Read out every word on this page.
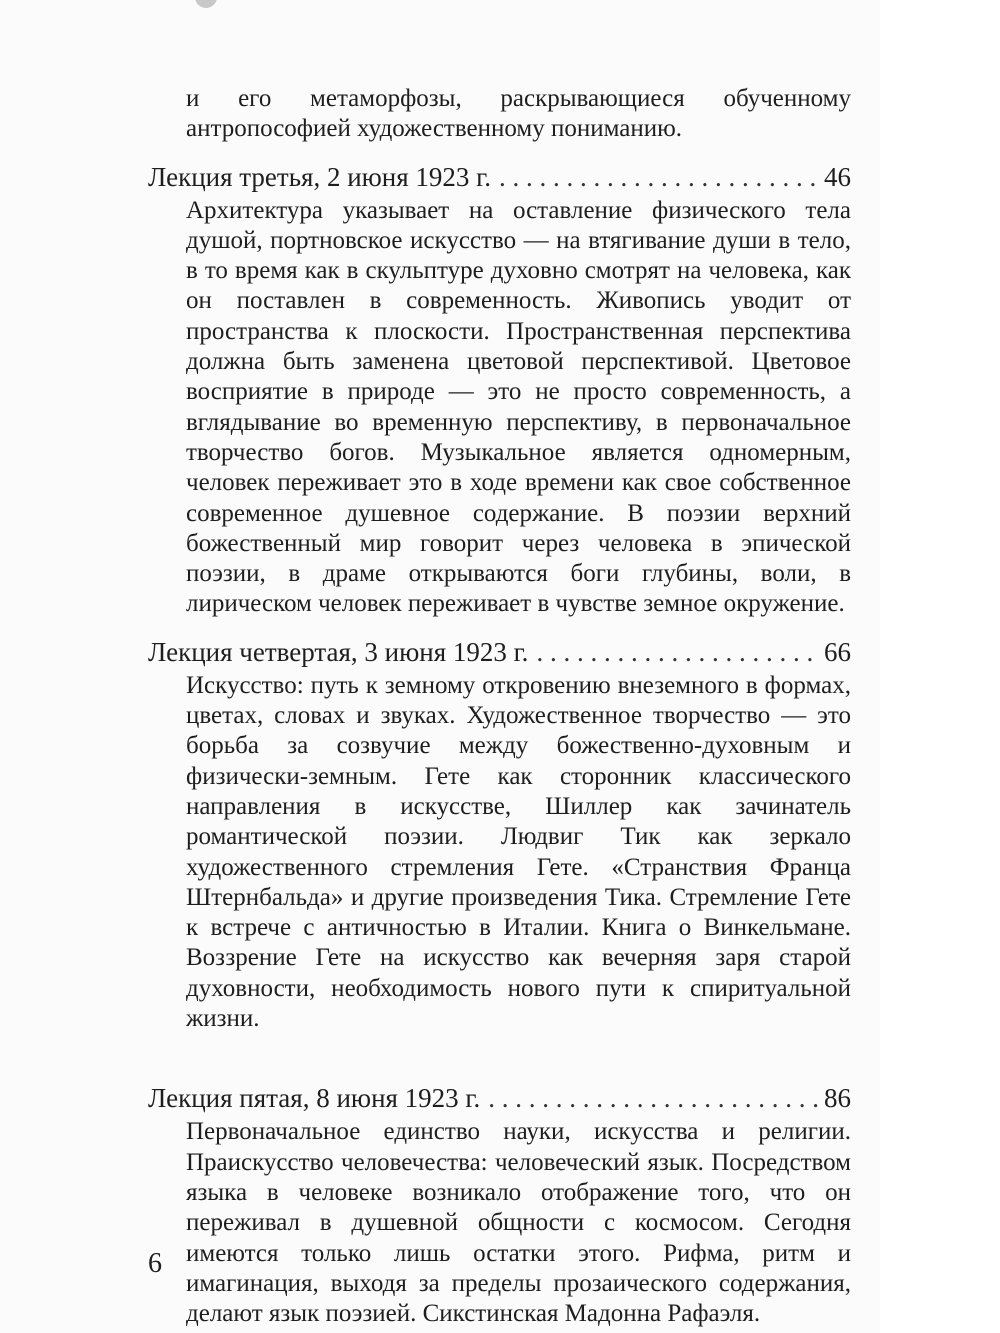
и его метаморфозы, раскрывающиеся обученному антропософией художественному пониманию.

Лекция третья, 2 июня 1923 г. . . .	46

Архитектура указывает на оставление физического тела душой, портновское искусство — на втягивание души в тело, в то время как в скульптуре духовно смотрят на человека, как он поставлен в современность. Живопись уводит от пространства к плоскости. Пространственная перспектива должна быть заменена цветовой перспективой. Цветовое восприятие в природе — это не просто современность, а вглядывание во временную перспективу, в первоначальное творчество богов. Музыкальное является одномерным, человек переживает это в ходе времени как свое собственное современное душевное содержание. В поэзии верхний божественный мир говорит через человека в эпической поэзии, в драме открываются боги глубины, воли, в лирическом человек переживает в чувстве земное окружение.

Лекция четвертая, 3 июня 1923 г. . . .	66

Искусство: путь к земному откровению внеземного в формах, цветах, словах и звуках. Художественное творчество — это борьба за созвучие между божественно-духовным и физически-земным. Гете как сторонник классического направления в искусстве, Шиллер как зачинатель романтической поэзии. Людвиг Тик как зеркало художественного стремления Гете. «Странствия Франца Штернбальда» и другие произведения Тика. Стремление Гете к встрече с античностью в Италии. Книга о Винкельмане. Воззрение Гете на искусство как вечерняя заря старой духовности, необходимость нового пути к спиритуальной жизни.

Лекция пятая, 8 июня 1923 г. . . .	86

Первоначальное единство науки, искусства и религии. Праискусство человечества: человеческий язык. Посредством языка в человеке возникало отображение того, что он переживал в душевной общности с космосом. Сегодня имеются только лишь остатки этого. Рифма, ритм и имагинация, выходя за пределы прозаического содержания, делают язык поэзией. Сикстинская Мадонна Рафаэля.

6
